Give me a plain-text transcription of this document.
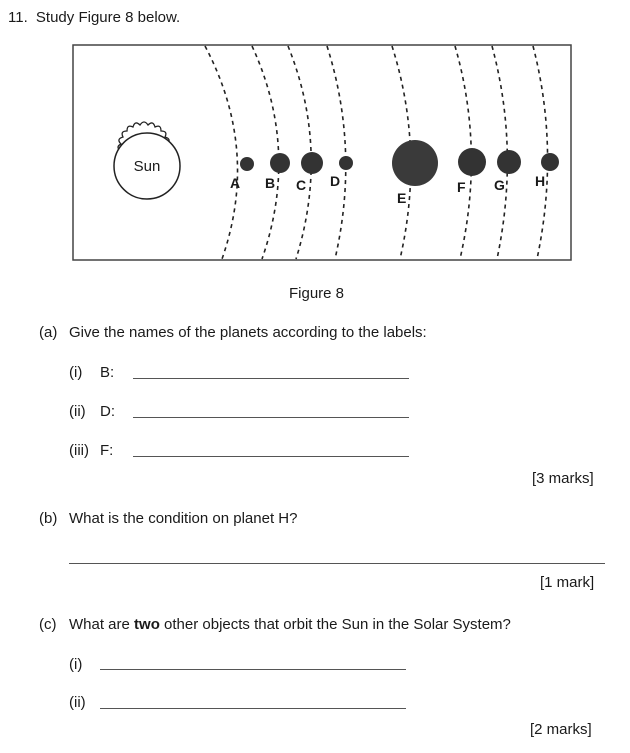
11. Study Figure 8 below.
Sun
A B C D
E
F G H
Figure 8
(a) Give the names of the planets according to the labels:
(i) B:
(ii) D:
(iii) F:
[3 marks]
(b) What is the condition on planet H?
[1 mark]
(c) What are two other objects that orbit the Sun in the Solar System?
(i)
(ii)
[2 marks]
